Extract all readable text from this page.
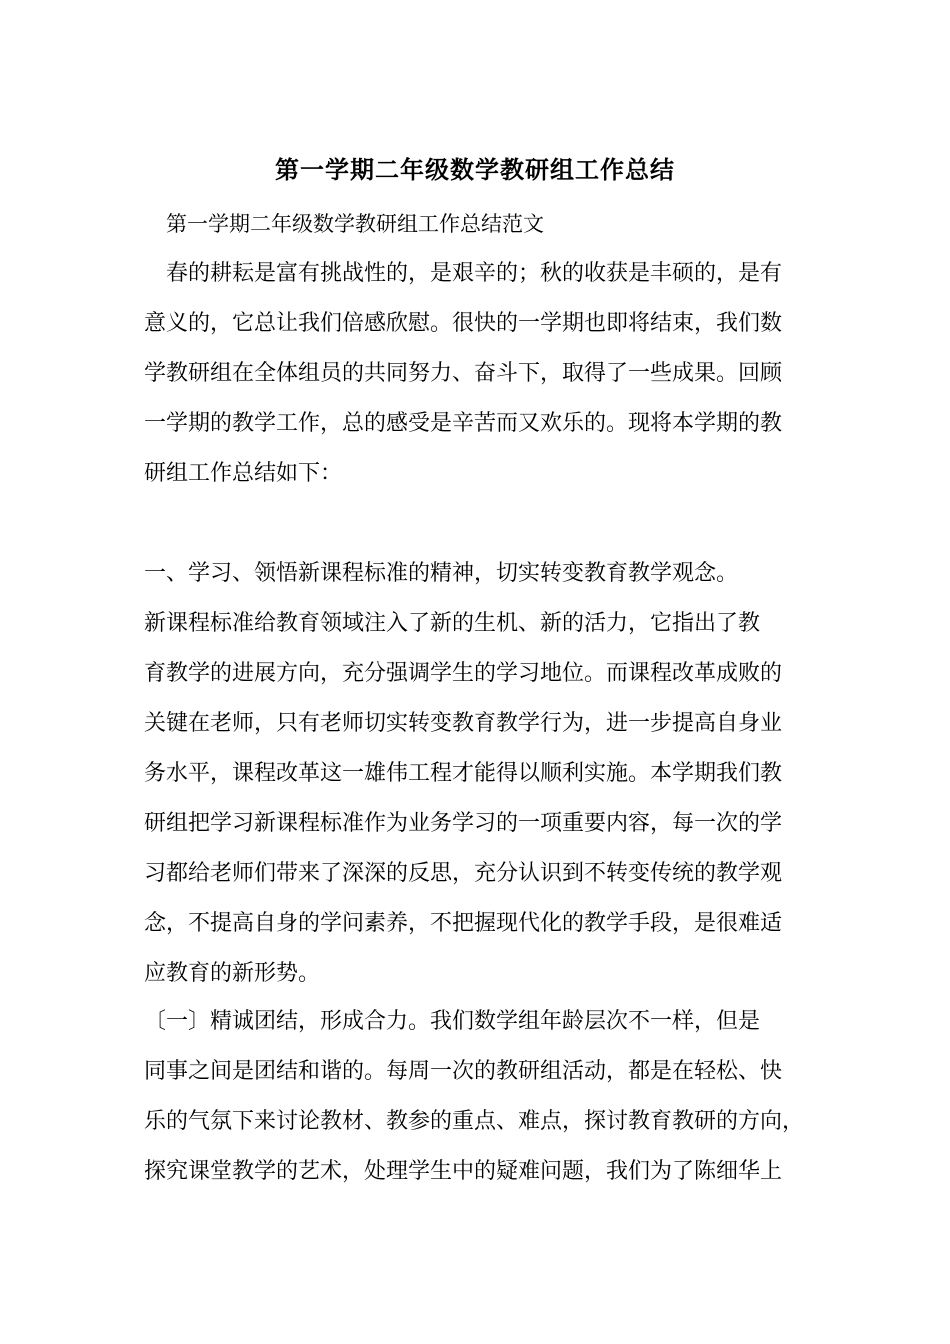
第一学期二年级数学教研组工作总结
第一学期二年级数学教研组工作总结范文
　春的耕耘是富有挑战性的，是艰辛的；秋的收获是丰硕的，是有
意义的，它总让我们倍感欣慰。很快的一学期也即将结束，我们数
学教研组在全体组员的共同努力、奋斗下，取得了一些成果。回顾
一学期的教学工作，总的感受是辛苦而又欢乐的。现将本学期的教
研组工作总结如下：
一、学习、领悟新课程标准的精神，切实转变教育教学观念。
新课程标准给教育领域注入了新的生机、新的活力，它指出了教
育教学的进展方向，充分强调学生的学习地位。而课程改革成败的
关键在老师，只有老师切实转变教育教学行为，进一步提高自身业
务水平，课程改革这一雄伟工程才能得以顺利实施。本学期我们教
研组把学习新课程标准作为业务学习的一项重要内容，每一次的学
习都给老师们带来了深深的反思，充分认识到不转变传统的教学观
念，不提高自身的学问素养，不把握现代化的教学手段，是很难适
应教育的新形势。
〔一〕精诚团结，形成合力。我们数学组年龄层次不一样，但是
同事之间是团结和谐的。每周一次的教研组活动，都是在轻松、快
乐的气氛下来讨论教材、教参的重点、难点，探讨教育教研的方向，
探究课堂教学的艺术，处理学生中的疑难问题，我们为了陈细华上
